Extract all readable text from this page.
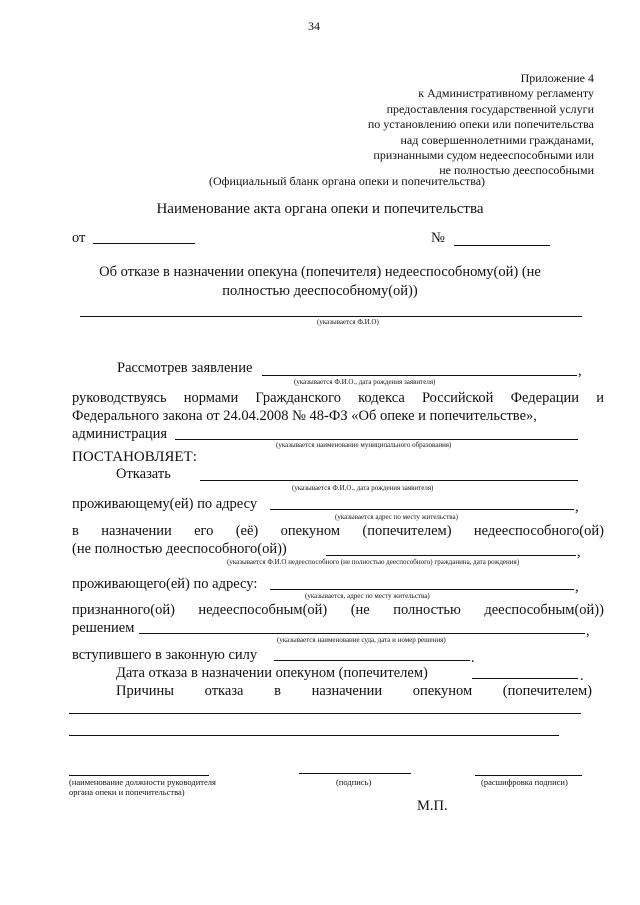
34
Приложение 4
к Административному регламенту
предоставления государственной услуги
по установлению опеки или попечительства
над совершеннолетними гражданами,
признанными судом недееспособными или
не полностью дееспособными
(Официальный бланк органа опеки и попечительства)
Наименование акта органа опеки и попечительства
от	№
Об отказе в назначении опекуна (попечителя) недееспособному(ой) (не
полностью дееспособному(ой))
(указывается Ф.И.О)
Рассмотрев заявление	,
(указывается Ф.И.О., дата рождения заявителя)
руководствуясь нормами Гражданского кодекса Российской Федерации и
Федерального закона от 24.04.2008 № 48-ФЗ «Об опеке и попечительстве»,
администрация
(указывается наименование муниципального образования)
ПОСТАНОВЛЯЕТ:
Отказать
(указывается Ф.И.О., дата рождения заявителя)
проживающему(ей) по адресу	,
(указывается адрес по месту жительства)
в назначении его (её) опекуном (попечителем) недееспособного(ой)
(не полностью дееспособного(ой))	,
(указывается Ф.И.О недееспособного (не полностью дееспособного) гражданина, дата рождения)
проживающего(ей) по адресу:	,
(указывается, адрес по месту жительства)
признанного(ой) недееспособным(ой) (не полностью дееспособным(ой))
решением	,
(указывается наименование суда, дата и номер решения)
вступившего в законную силу	.
Дата отказа в назначении опекуном (попечителем)	.
Причины отказа в назначении опекуном (попечителем)
(наименование должности руководителя
органа опеки и попечительства)
(подпись)	(расшифровка подписи)
М.П.
